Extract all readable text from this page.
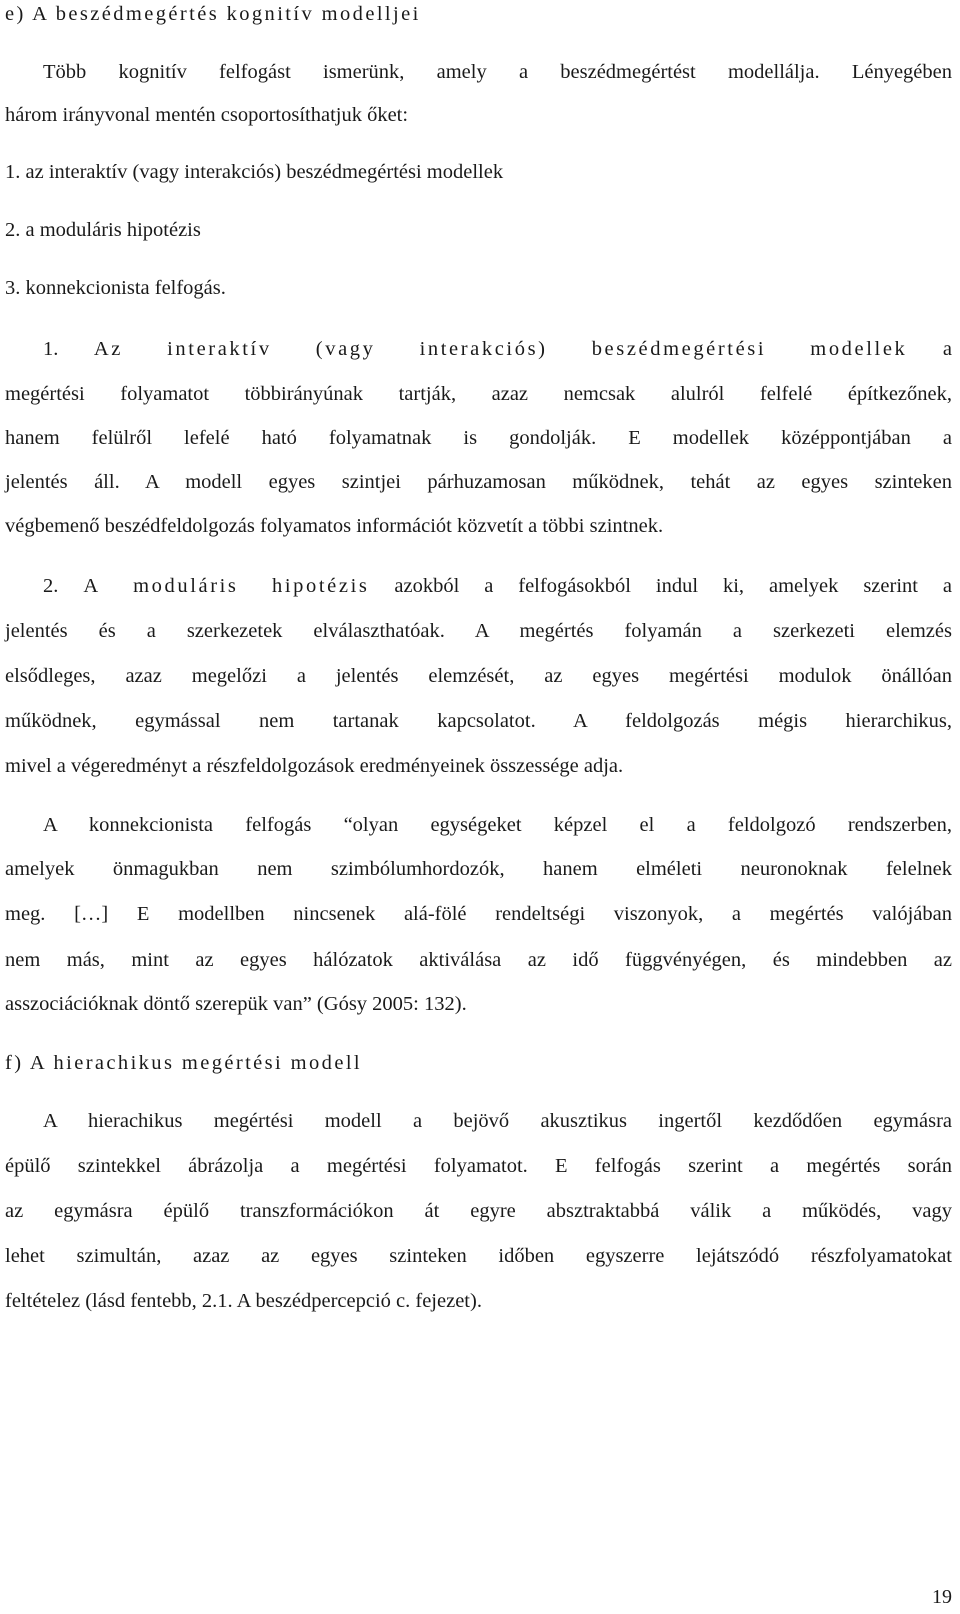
e) A beszédmegértés kognitív modelljei
Több kognitív felfogást ismerünk, amely a beszédmegértést modellálja. Lényegében
három irányvonal mentén csoportosíthatjuk őket:
1. az interaktív (vagy interakciós) beszédmegértési modellek
2. a moduláris hipotézis
3. konnekcionista felfogás.
1. Az interaktív (vagy interakciós) beszédmegértési modellek a
megértési folyamatot többirányúnak tartják, azaz nemcsak alulról felfelé építkezőnek,
hanem felülről lefelé ható folyamatnak is gondolják. E modellek középpontjában a
jelentés áll. A modell egyes szintjei párhuzamosan működnek, tehát az egyes szinteken
végbemenő beszédfeldolgozás folyamatos információt közvetít a többi szintnek.
2. A moduláris hipotézis azokból a felfogásokból indul ki, amelyek szerint a
jelentés és a szerkezetek elválaszthatóak. A megértés folyamán a szerkezeti elemzés
elsődleges, azaz megelőzi a jelentés elemzését, az egyes megértési modulok önállóan
működnek, egymással nem tartanak kapcsolatot. A feldolgozás mégis hierarchikus,
mivel a végeredményt a részfeldolgozások eredményeinek összessége adja.
A konnekcionista felfogás “olyan egységeket képzel el a feldolgozó rendszerben,
amelyek önmagukban nem szimbólumhordozók, hanem elméleti neuronoknak felelnek
meg. […] E modellben nincsenek alá-fölé rendeltségi viszonyok, a megértés valójában
nem más, mint az egyes hálózatok aktiválása az idő függvényégen, és mindebben az
asszociációknak döntő szerepük van” (Gósy 2005: 132).
f) A hierachikus megértési modell
A hierachikus megértési modell a bejövő akusztikus ingertől kezdődően egymásra
épülő szintekkel ábrázolja a megértési folyamatot. E felfogás szerint a megértés során
az egymásra épülő transzformációkon át egyre absztraktabbá válik a működés, vagy
lehet szimultán, azaz az egyes szinteken időben egyszerre lejátszódó részfolyamatokat
feltételez (lásd fentebb, 2.1. A beszédpercepció c. fejezet).
19
